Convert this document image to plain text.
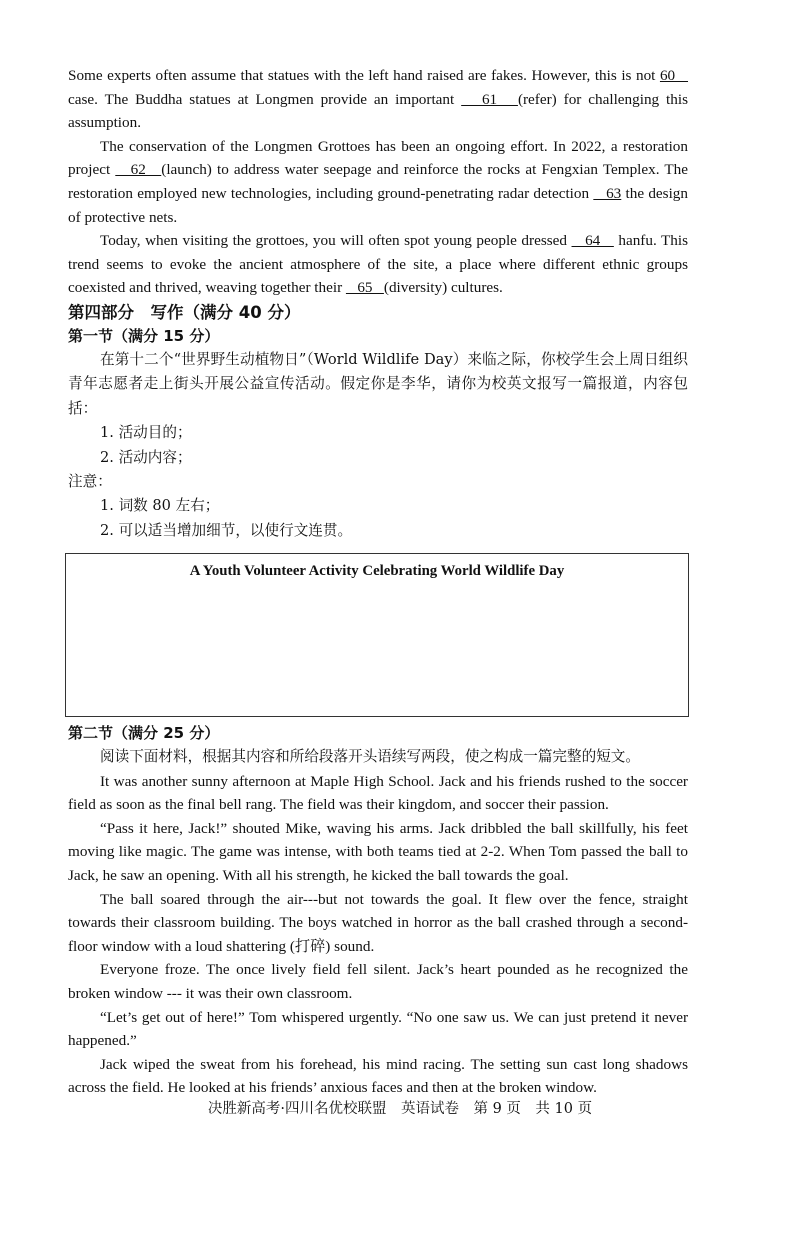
Some experts often assume that statues with the left hand raised are fakes. However, this is not 60    case. The Buddha statues at Longmen provide an important    61   (refer) for challenging this assumption.

The conservation of the Longmen Grottoes has been an ongoing effort. In 2022, a restoration project    62   (launch) to address water seepage and reinforce the rocks at Fengxian Templex. The restoration employed new technologies, including ground-penetrating radar detection    63 the design of protective nets.

Today, when visiting the grottoes, you will often spot young people dressed    64    hanfu. This trend seems to evoke the ancient atmosphere of the site, a place where different ethnic groups coexisted and thrived, weaving together their    65   (diversity) cultures.

第四部分　写作（满分 40 分）
第一节（满分 15 分）

在第十二个“世界野生动植物日”（World Wildlife Day）来临之际，你校学生会上周日组织青年志愿者走上街头开展公益宣传活动。假定你是李华，请你为校英文报写一篇报道，内容包括：

1. 活动目的；

2. 活动内容；

注意：

1. 词数 80 左右；

2. 可以适当增加细节，以使行文连贯。

A Youth Volunteer Activity Celebrating World Wildlife Day
第二节（满分 25 分）

阅读下面材料，根据其内容和所给段落开头语续写两段，使之构成一篇完整的短文。

It was another sunny afternoon at Maple High School. Jack and his friends rushed to the soccer field as soon as the final bell rang. The field was their kingdom, and soccer their passion.

“Pass it here, Jack!” shouted Mike, waving his arms. Jack dribbled the ball skillfully, his feet moving like magic. The game was intense, with both teams tied at 2-2. When Tom passed the ball to Jack, he saw an opening. With all his strength, he kicked the ball towards the goal.

The ball soared through the air---but not towards the goal. It flew over the fence, straight towards their classroom building. The boys watched in horror as the ball crashed through a second-floor window with a loud shattering (打碎) sound.

Everyone froze. The once lively field fell silent. Jack’s heart pounded as he recognized the broken window --- it was their own classroom.

“Let’s get out of here!” Tom whispered urgently. “No one saw us. We can just pretend it never happened.”

Jack wiped the sweat from his forehead, his mind racing. The setting sun cast long shadows across the field. He looked at his friends’ anxious faces and then at the broken window.

决胜新高考·四川名优校联盟　英语试卷　第 9 页　共 10 页
